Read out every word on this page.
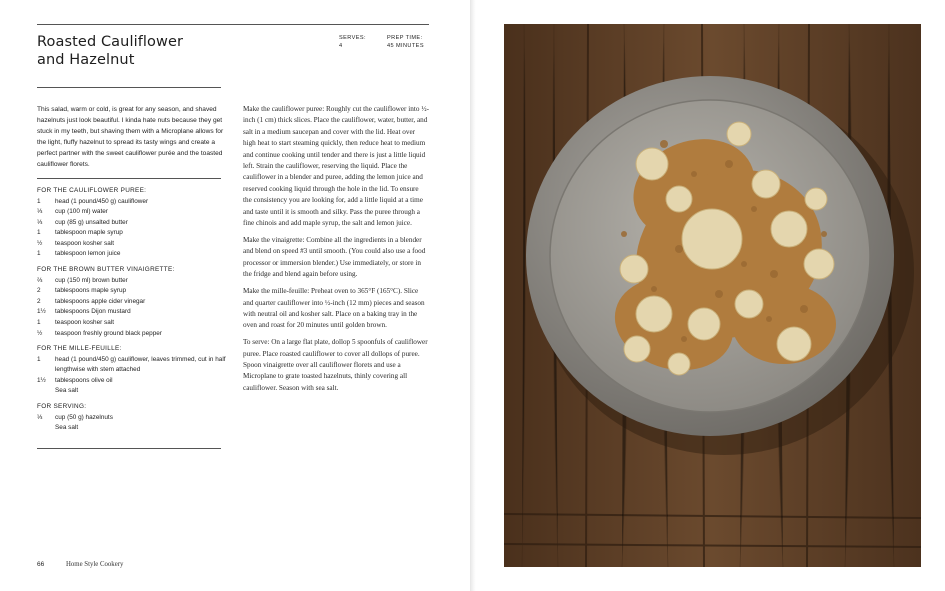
Roasted Cauliflower
and Hazelnut
SERVES:
4
PREP TIME:
45 MINUTES
This salad, warm or cold, is great for any season, and shaved hazelnuts just look beautiful. I kinda hate nuts because they get stuck in my teeth, but shaving them with a Microplane allows for the light, fluffy hazelnut to spread its tasty wings and create a perfect partner with the sweet cauliflower purée and the toasted cauliflower florets.
FOR THE CAULIFLOWER PUREE:
1	head (1 pound/450 g) cauliflower
⅓	cup (100 ml) water
⅓	cup (85 g) unsalted butter
1	tablespoon maple syrup
½	teaspoon kosher salt
1	tablespoon lemon juice
FOR THE BROWN BUTTER VINAIGRETTE:
⅔	cup (150 ml) brown butter
2	tablespoons maple syrup
2	tablespoons apple cider vinegar
1½	tablespoons Dijon mustard
1	teaspoon kosher salt
½	teaspoon freshly ground black pepper
FOR THE MILLE-FEUILLE:
1	head (1 pound/450 g) cauliflower, leaves trimmed, cut in half lengthwise with stem attached
1½	tablespoons olive oil
Sea salt
FOR SERVING:
⅓	cup (50 g) hazelnuts
Sea salt

Make the cauliflower puree: Roughly cut the cauliflower into ½-inch (1 cm) thick slices. Place the cauliflower, water, butter, and salt in a medium saucepan and cover with the lid. Heat over high heat to start steaming quickly, then reduce heat to medium and continue cooking until tender and there is just a little liquid left. Strain the cauliflower, reserving the liquid. Place the cauliflower in a blender and puree, adding the lemon juice and reserved cooking liquid through the hole in the lid. To ensure the consistency you are looking for, add a little liquid at a time and taste until it is smooth and silky. Pass the puree through a fine chinois and add maple syrup, the salt and lemon juice.

Make the vinaigrette: Combine all the ingredients in a blender and blend on speed #3 until smooth. (You could also use a food processor or immersion blender.) Use immediately, or store in the fridge and blend again before using.

Make the mille-feuille: Preheat oven to 365°F (165°C). Slice and quarter cauliflower into ½-inch (12 mm) pieces and season with neutral oil and kosher salt. Place on a baking tray in the oven and roast for 20 minutes until golden brown.

To serve: On a large flat plate, dollop 5 spoonfuls of cauliflower puree. Place roasted cauliflower to cover all dollops of puree. Spoon vinaigrette over all cauliflower florets and use a Microplane to grate toasted hazelnuts, thinly covering all cauliflower. Season with sea salt.

66	Home Style Cookery
